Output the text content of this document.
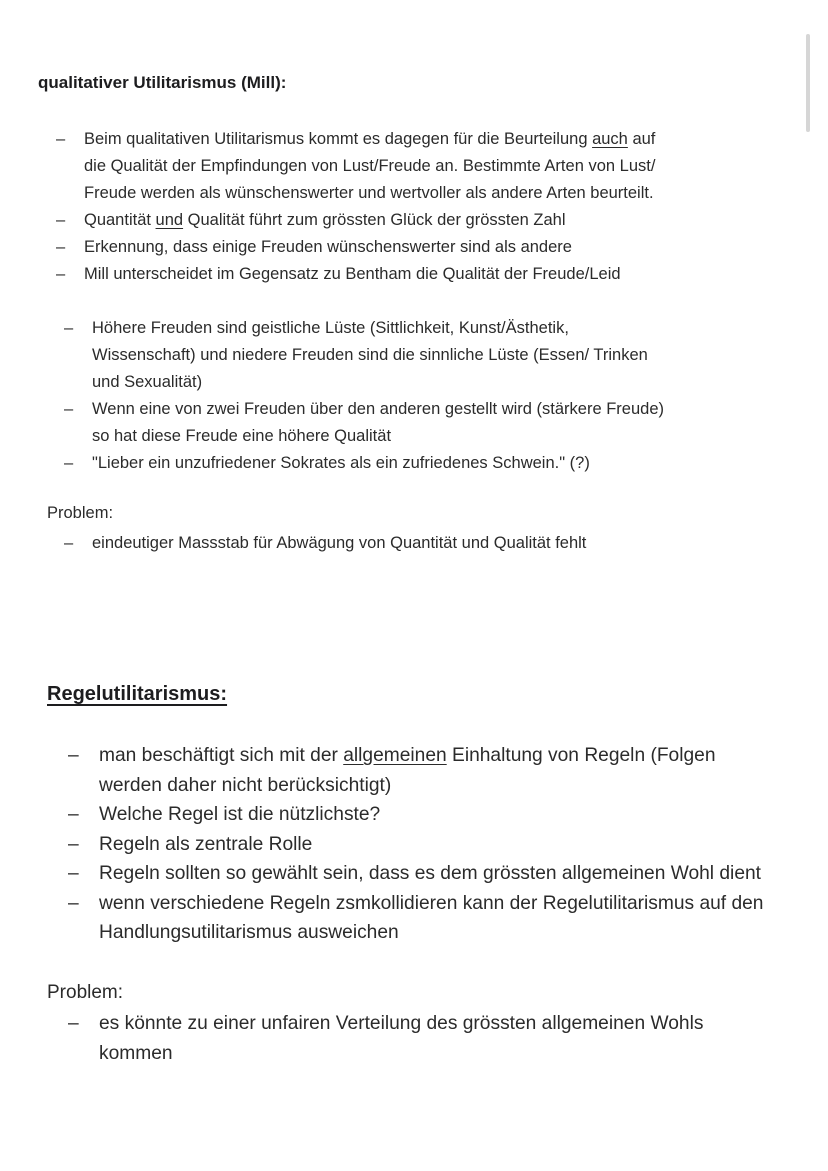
qualitativer Utilitarismus (Mill):
– Beim qualitativen Utilitarismus kommt es dagegen für die Beurteilung auch auf
die Qualität der Empfindungen von Lust/Freude an. Bestimmte Arten von Lust/
Freude werden als wünschenswerter und wertvoller als andere Arten beurteilt.
– Quantität und Qualität führt zum grössten Glück der grössten Zahl
– Erkennung, dass einige Freuden wünschenswerter sind als andere
– Mill unterscheidet im Gegensatz zu Bentham die Qualität der Freude/Leid
– Höhere Freuden sind geistliche Lüste (Sittlichkeit, Kunst/Ästhetik,
Wissenschaft) und niedere Freuden sind die sinnliche Lüste (Essen/ Trinken
und Sexualität)
– Wenn eine von zwei Freuden über den anderen gestellt wird (stärkere Freude)
so hat diese Freude eine höhere Qualität
– "Lieber ein unzufriedener Sokrates als ein zufriedenes Schwein." (?)
Problem:
– eindeutiger Massstab für Abwägung von Quantität und Qualität fehlt
Regelutilitarismus:
– man beschäftigt sich mit der allgemeinen Einhaltung von Regeln (Folgen
werden daher nicht berücksichtigt)
– Welche Regel ist die nützlichste?
– Regeln als zentrale Rolle
– Regeln sollten so gewählt sein, dass es dem grössten allgemeinen Wohl dient
– wenn verschiedene Regeln zsmkollidieren kann der Regelutilitarismus auf den
Handlungsutilitarismus ausweichen
Problem:
– es könnte zu einer unfairen Verteilung des grössten allgemeinen Wohls
kommen
